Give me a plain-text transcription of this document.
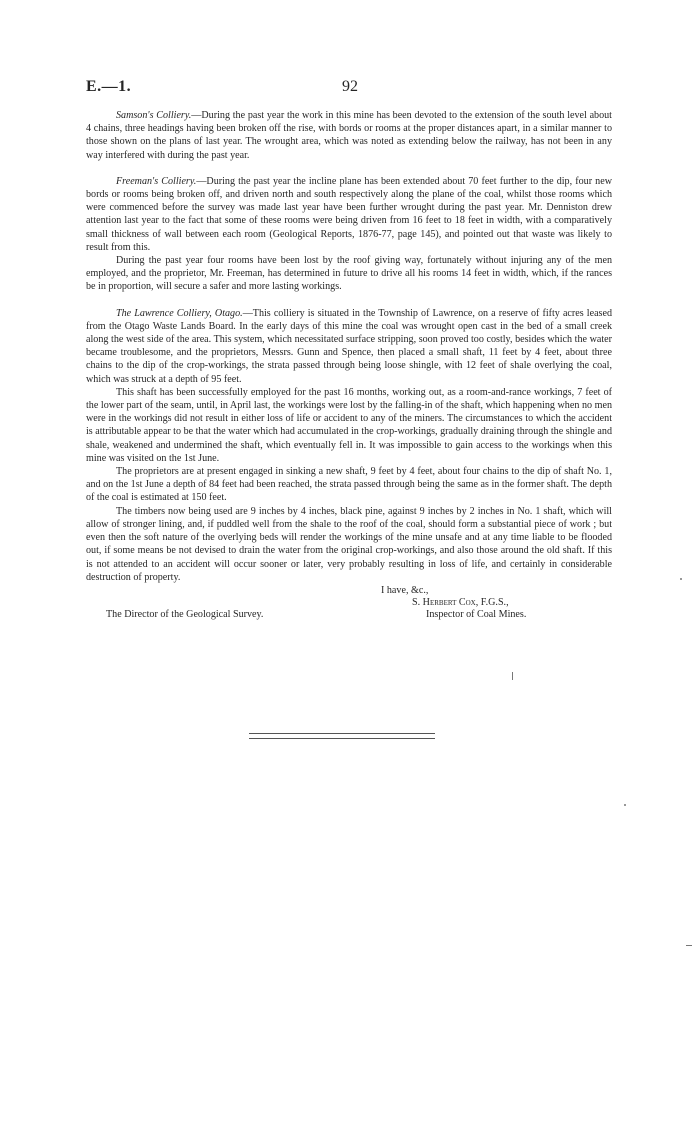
E.—1.	92

Samson's Colliery.—During the past year the work in this mine has been devoted to the extension of the south level about 4 chains, three headings having been broken off the rise, with bords or rooms at the proper distances apart, in a similar manner to those shown on the plans of last year. The wrought area, which was noted as extending below the railway, has not been in any way interfered with during the past year.

Freeman's Colliery.—During the past year the incline plane has been extended about 70 feet further to the dip, four new bords or rooms being broken off, and driven north and south respectively along the plane of the coal, whilst those rooms which were commenced before the survey was made last year have been further wrought during the past year. Mr. Denniston drew attention last year to the fact that some of these rooms were being driven from 16 feet to 18 feet in width, with a comparatively small thickness of wall between each room (Geological Reports, 1876-77, page 145), and pointed out that waste was likely to result from this.

During the past year four rooms have been lost by the roof giving way, fortunately without injuring any of the men employed, and the proprietor, Mr. Freeman, has determined in future to drive all his rooms 14 feet in width, which, if the rances be in proportion, will secure a safer and more lasting workings.

The Lawrence Colliery, Otago.—This colliery is situated in the Township of Lawrence, on a reserve of fifty acres leased from the Otago Waste Lands Board. In the early days of this mine the coal was wrought open cast in the bed of a small creek along the west side of the area. This system, which necessitated surface stripping, soon proved too costly, besides which the water became troublesome, and the proprietors, Messrs. Gunn and Spence, then placed a small shaft, 11 feet by 4 feet, about three chains to the dip of the crop-workings, the strata passed through being loose shingle, with 12 feet of shale overlying the coal, which was struck at a depth of 95 feet.

This shaft has been successfully employed for the past 16 months, working out, as a room-and-rance workings, 7 feet of the lower part of the seam, until, in April last, the workings were lost by the falling-in of the shaft, which happening when no men were in the workings did not result in either loss of life or accident to any of the miners. The circumstances to which the accident is attributable appear to be that the water which had accumulated in the crop-workings, gradually draining through the shingle and shale, weakened and undermined the shaft, which eventually fell in. It was impossible to gain access to the workings when this mine was visited on the 1st June.

The proprietors are at present engaged in sinking a new shaft, 9 feet by 4 feet, about four chains to the dip of shaft No. 1, and on the 1st June a depth of 84 feet had been reached, the strata passed through being the same as in the former shaft. The depth of the coal is estimated at 150 feet.

The timbers now being used are 9 inches by 4 inches, black pine, against 9 inches by 2 inches in No. 1 shaft, which will allow of stronger lining, and, if puddled well from the shale to the roof of the coal, should form a substantial piece of work ; but even then the soft nature of the overlying beds will render the workings of the mine unsafe and at any time liable to be flooded out, if some means be not devised to drain the water from the original crop-workings, and also those around the old shaft. If this is not attended to an accident will occur sooner or later, very probably resulting in loss of life, and certainly in considerable destruction of property.

I have, &c.,
S. Herbert Cox, F.G.S.,
The Director of the Geological Survey.	Inspector of Coal Mines.
